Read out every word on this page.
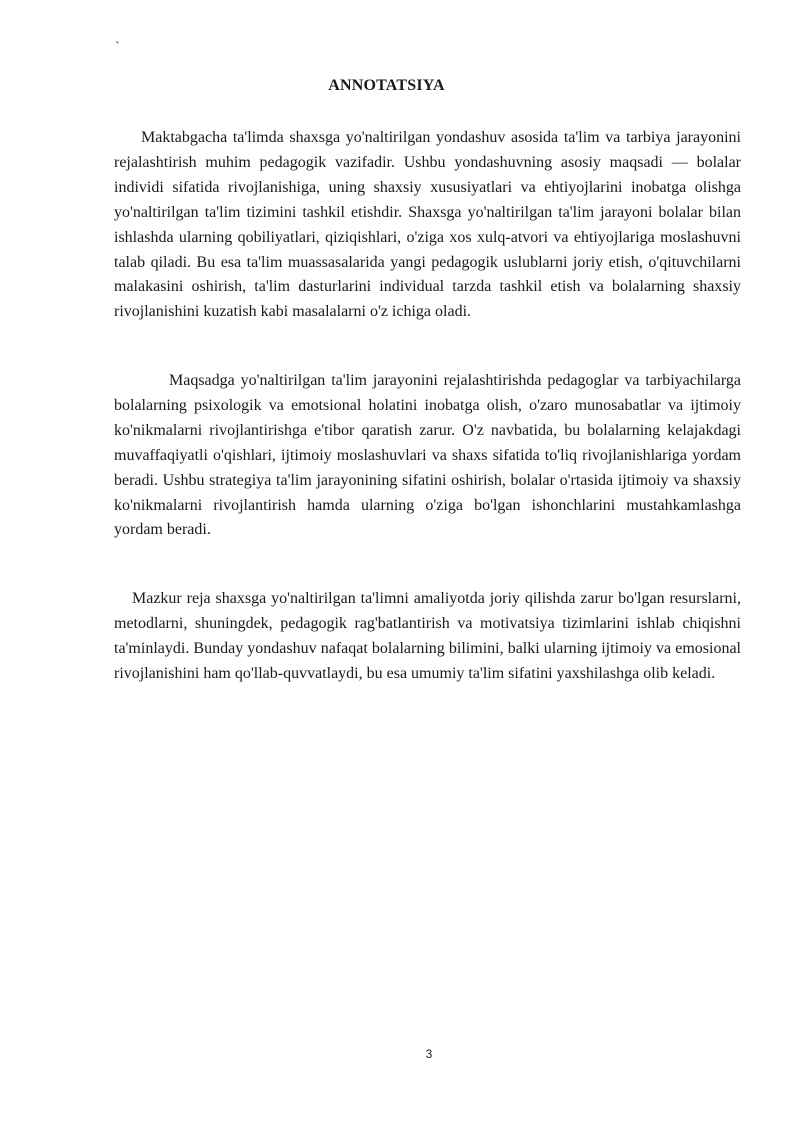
`
ANNOTATSIYA

Maktabgacha ta'limda shaxsga yo'naltirilgan yondashuv asosida ta'lim va tarbiya jarayonini rejalashtirish muhim pedagogik vazifadir. Ushbu yondashuvning asosiy maqsadi — bolalar individi sifatida rivojlanishiga, uning shaxsiy xususiyatlari va ehtiyojlarini inobatga olishga yo'naltirilgan ta'lim tizimini tashkil etishdir. Shaxsga yo'naltirilgan ta'lim jarayoni bolalar bilan ishlashda ularning qobiliyatlari, qiziqishlari, o'ziga xos xulq-atvori va ehtiyojlariga moslashuvni talab qiladi. Bu esa ta'lim muassasalarida yangi pedagogik uslublarni joriy etish, o'qituvchilarni malakasini oshirish, ta'lim dasturlarini individual tarzda tashkil etish va bolalarning shaxsiy rivojlanishini kuzatish kabi masalalarni o'z ichiga oladi.

Maqsadga yo'naltirilgan ta'lim jarayonini rejalashtirishda pedagoglar va tarbiyachilarga bolalarning psixologik va emotsional holatini inobatga olish, o'zaro munosabatlar va ijtimoiy ko'nikmalarni rivojlantirishga e'tibor qaratish zarur. O'z navbatida, bu bolalarning kelajakdagi muvaffaqiyatli o'qishlari, ijtimoiy moslashuvlari va shaxs sifatida to'liq rivojlanishlariga yordam beradi. Ushbu strategiya ta'lim jarayonining sifatini oshirish, bolalar o'rtasida ijtimoiy va shaxsiy ko'nikmalarni rivojlantirish hamda ularning o'ziga bo'lgan ishonchlarini mustahkamlashga yordam beradi.

Mazkur reja shaxsga yo'naltirilgan ta'limni amaliyotda joriy qilishda zarur bo'lgan resurslarni, metodlarni, shuningdek, pedagogik rag'batlantirish va motivatsiya tizimlarini ishlab chiqishni ta'minlaydi. Bunday yondashuv nafaqat bolalarning bilimini, balki ularning ijtimoiy va emosional rivojlanishini ham qo'llab-quvvatlaydi, bu esa umumiy ta'lim sifatini yaxshilashga olib keladi.

3
